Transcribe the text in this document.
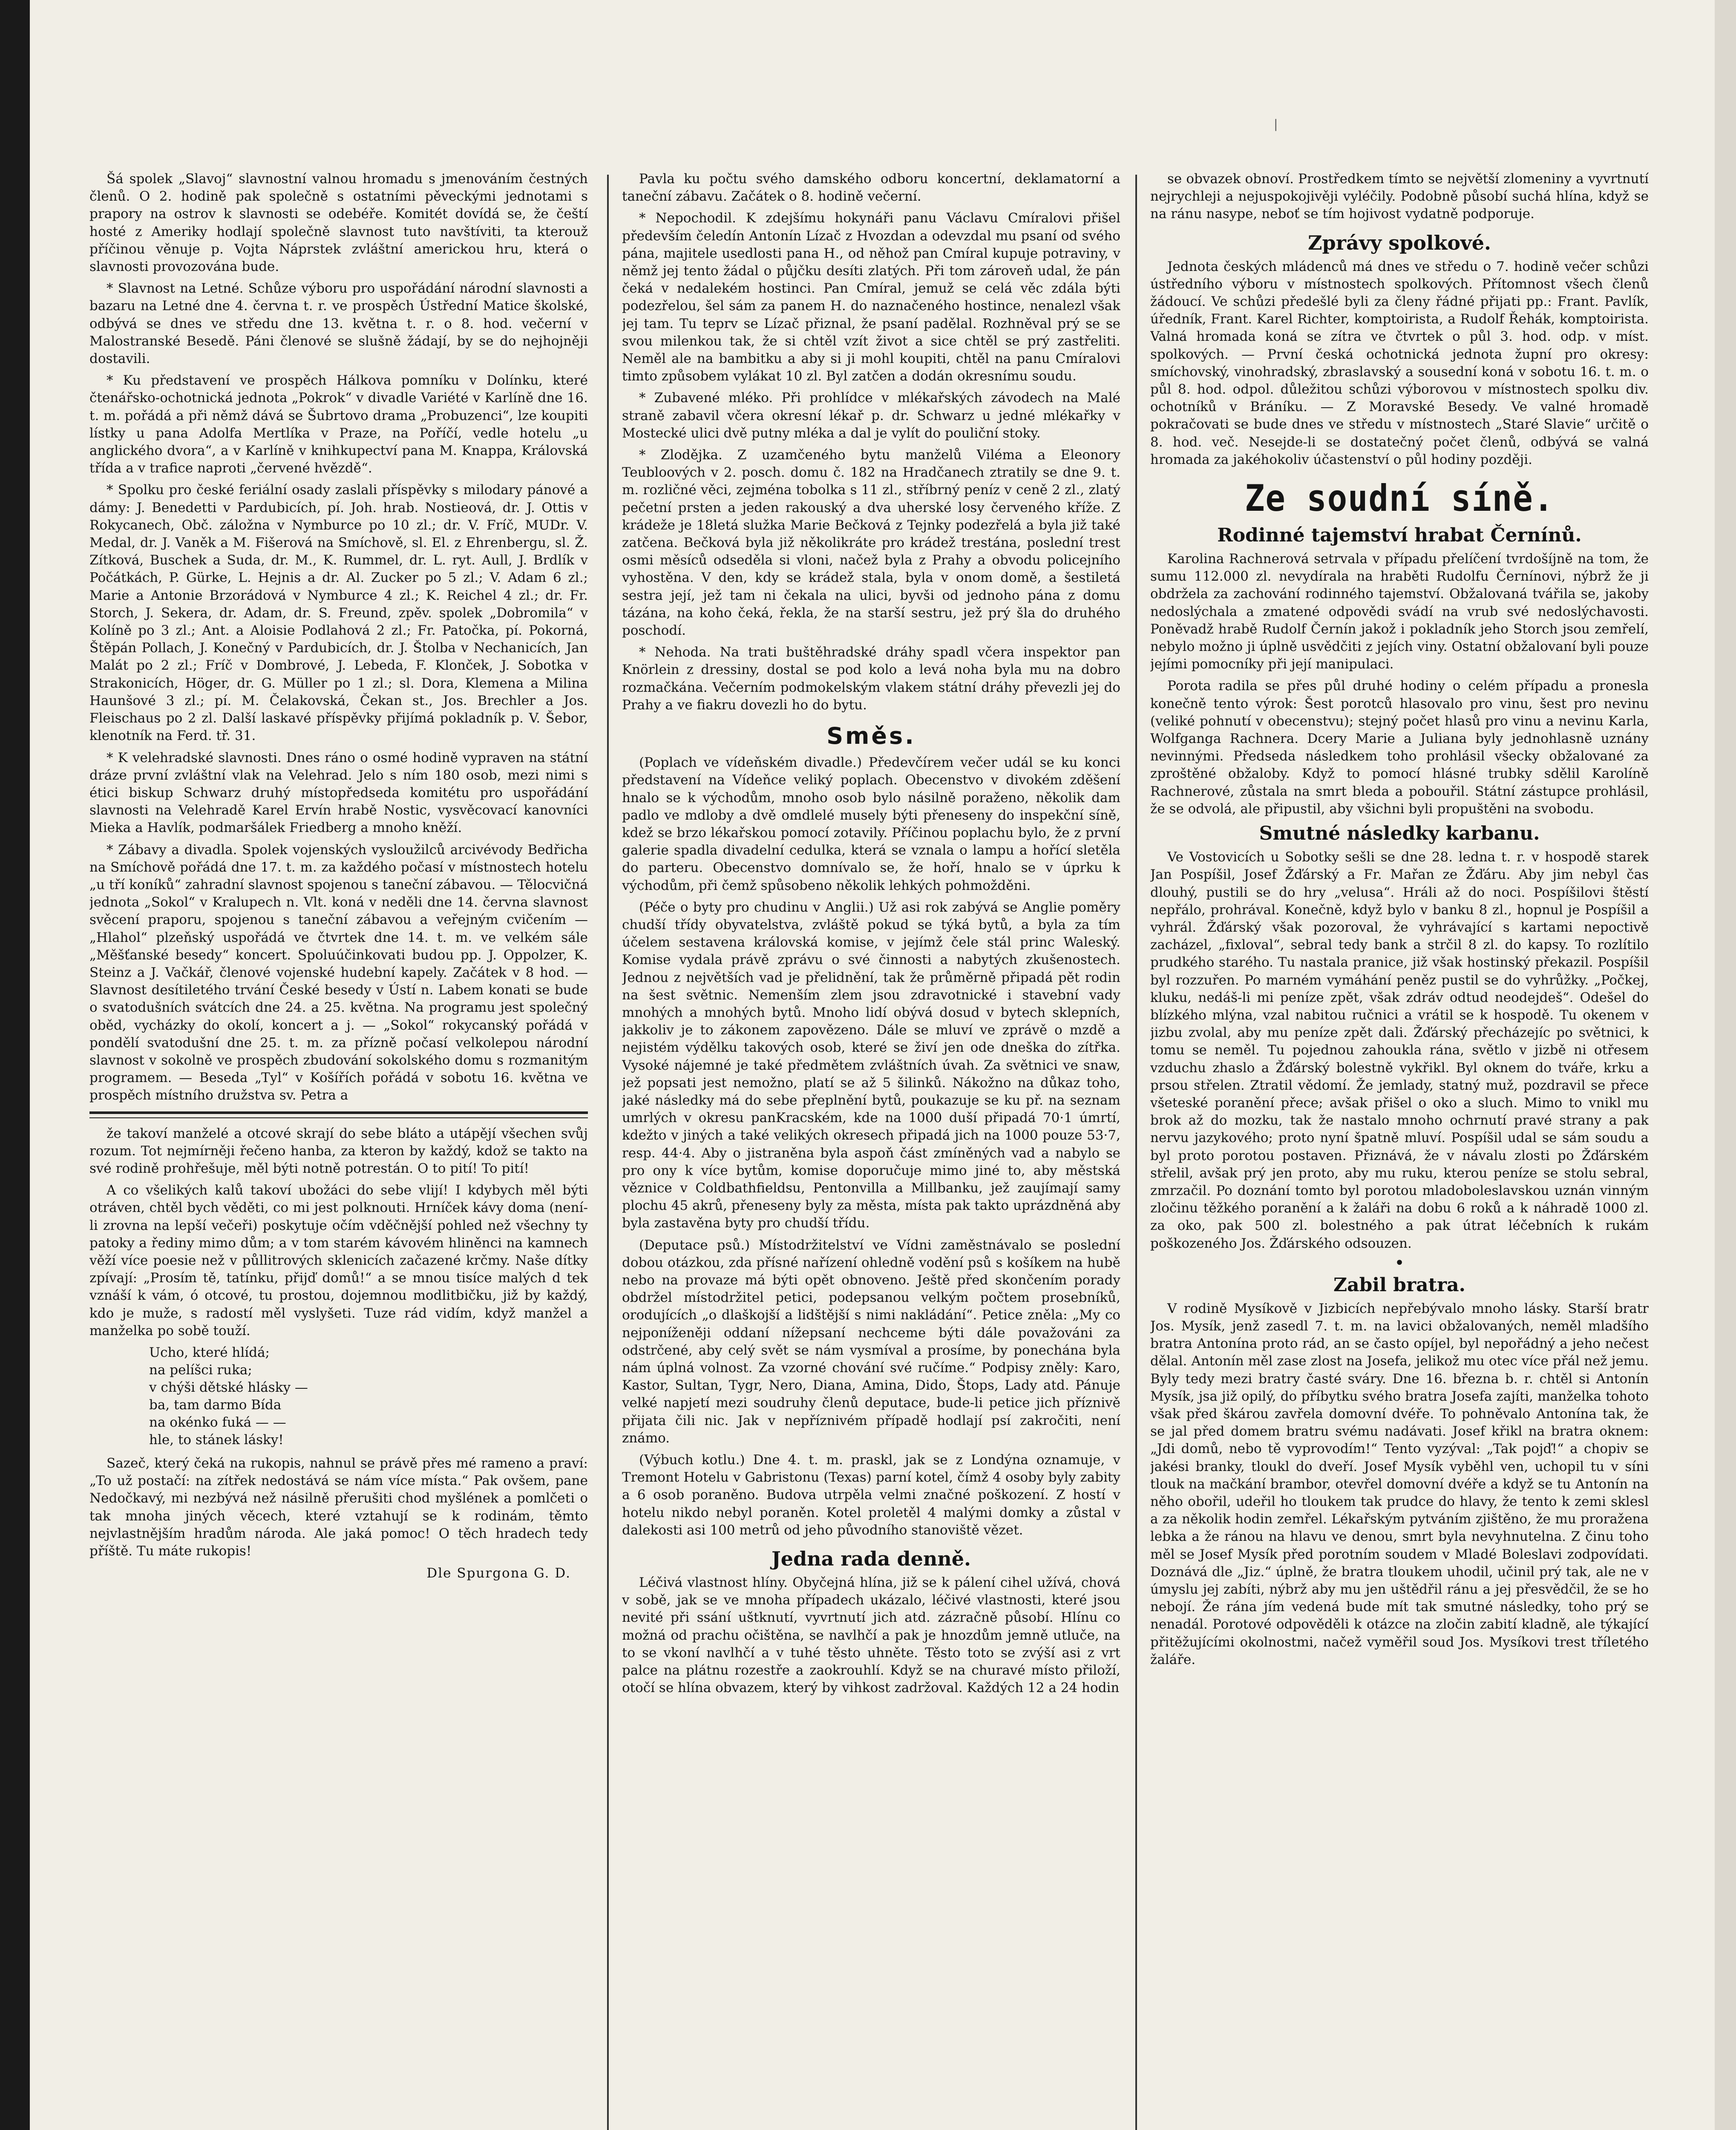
|

Šá spolek „Slavoj“ slavnostní valnou hromadu s jmenováním čestných členů. O 2. hodině pak společně s ostatními pěveckými jednotami s prapory na ostrov k slavnosti se odebéře. Komitét dovídá se, že čeští hosté z Ameriky hodlají společně slavnost tuto navštíviti, ta kterouž příčinou věnuje p. Vojta Náprstek zvláštní americkou hru, která o slavnosti provozována bude.

* Slavnost na Letné. Schůze výboru pro uspořádání národní slavnosti a bazaru na Letné dne 4. června t. r. ve prospěch Ústřední Matice školské, odbývá se dnes ve středu dne 13. května t. r. o 8. hod. večerní v Malostranské Besedě. Páni členové se slušně žádají, by se do nejhojněji dostavili.

* Ku představení ve prospěch Hálkova pomníku v Dolínku, které čtenářsko-ochotnická jednota „Pokrok“ v divadle Variété v Karlíně dne 16. t. m. pořádá a při němž dává se Šubrtovo drama „Probuzenci“, lze koupiti lístky u pana Adolfa Mertlíka v Praze, na Poříčí, vedle hotelu „u anglického dvora“, a v Karlíně v knihkupectví pana M. Knappa, Královská třída a v trafice naproti „červené hvězdě“.

* Spolku pro české feriální osady zaslali příspěvky s milodary pánové a dámy: J. Benedetti v Pardubicích, pí. Joh. hrab. Nostieová, dr. J. Ottis v Rokycanech, Obč. záložna v Nymburce po 10 zl.; dr. V. Fríč, MUDr. V. Medal, dr. J. Vaněk a M. Fišerová na Smíchově, sl. El. z Ehrenbergu, sl. Ž. Zítková, Buschek a Suda, dr. M., K. Rummel, dr. L. ryt. Aull, J. Brdlík v Počátkách, P. Gürke, L. Hejnis a dr. Al. Zucker po 5 zl.; V. Adam 6 zl.; Marie a Antonie Brzorádová v Nymburce 4 zl.; K. Reichel 4 zl.; dr. Fr. Storch, J. Sekera, dr. Adam, dr. S. Freund, zpěv. spolek „Dobromila“ v Kolíně po 3 zl.; Ant. a Aloisie Podlahová 2 zl.; Fr. Patočka, pí. Pokorná, Štěpán Pollach, J. Konečný v Pardubicích, dr. J. Štolba v Nechanicích, Jan Malát po 2 zl.; Fríč v Dombrové, J. Lebeda, F. Klonček, J. Sobotka v Strakonicích, Höger, dr. G. Müller po 1 zl.; sl. Dora, Klemena a Milina Haunšové 3 zl.; pí. M. Čelakovská, Čekan st., Jos. Brechler a Jos. Fleischaus po 2 zl. Další laskavé příspěvky přijímá pokladník p. V. Šebor, klenotník na Ferd. tř. 31.

* K velehradské slavnosti. Dnes ráno o osmé hodině vypraven na státní dráze první zvláštní vlak na Velehrad. Jelo s ním 180 osob, mezi nimi s étici biskup Schwarz druhý místopředseda komitétu pro uspořádání slavnosti na Velehradě Karel Ervín hrabě Nostic, vysvěcovací kanovníci Mieka a Havlík, podmaršálek Friedberg a mnoho kněží.

* Zábavy a divadla. Spolek vojenských vysloužilců arcivévody Bedřicha na Smíchově pořádá dne 17. t. m. za každého počasí v místnostech hotelu „u tří koníků“ zahradní slavnost spojenou s taneční zábavou. — Tělocvičná jednota „Sokol“ v Kralupech n. Vlt. koná v neděli dne 14. června slavnost svěcení praporu, spojenou s taneční zábavou a veřejným cvičením — „Hlahol“ plzeňský uspořádá ve čtvrtek dne 14. t. m. ve velkém sále „Měšťanské besedy“ koncert. Spoluúčinkovati budou pp. J. Oppolzer, K. Steinz a J. Vačkář, členové vojenské hudební kapely. Začátek v 8 hod. — Slavnost desítiletého trvání České besedy v Ústí n. Labem konati se bude o svatodušních svátcích dne 24. a 25. května. Na programu jest společný oběd, vycházky do okolí, koncert a j. — „Sokol“ rokycanský pořádá v pondělí svatodušní dne 25. t. m. za přízně počasí velkolepou národní slavnost v sokolně ve prospěch zbudování sokolského domu s rozmanitým programem. — Beseda „Tyl“ v Košířích pořádá v sobotu 16. května ve prospěch místního družstva sv. Petra a

že takoví manželé a otcové skrají do sebe bláto a utápějí všechen svůj rozum. Tot nejmírněji řečeno hanba, za kteron by každý, kdož se takto na své rodině prohřešuje, měl býti notně potrestán. O to pití! To pití!

A co všelikých kalů takoví ubožáci do sebe vlijí! I kdybych měl býti otráven, chtěl bych věděti, co mi jest polknouti. Hrníček kávy doma (není-li zrovna na lepší večeři) poskytuje očím vděčnější pohled než všechny ty patoky a řediny mimo dům; a v tom starém kávovém hliněnci na kamnech věží více poesie než v půllitrových sklenicích začazené krčmy. Naše dítky zpívají: „Prosím tě, tatínku, přijď domů!“ a se mnou tisíce malých d tek vznáší k vám, ó otcové, tu prostou, dojemnou modlitbičku, již by každý, kdo je muže, s radostí měl vyslyšeti. Tuze rád vidím, když manžel a manželka po sobě touží.

Ucho, které hlídá;
na pelíšci ruka;
v chýši dětské hlásky —
ba, tam darmo Bída
na okénko fuká — —
hle, to stánek lásky!

Sazeč, který čeká na rukopis, nahnul se právě přes mé rameno a praví: „To už postačí: na zítřek nedostává se nám více místa.“ Pak ovšem, pane Nedočkavý, mi nezbývá než násilně přerušiti chod myšlének a pomlčeti o tak mnoha jiných věcech, které vztahují se k rodinám, těmto nejvlastnějším hradům národa. Ale jaká pomoc! O těch hradech tedy příště. Tu máte rukopis!

Dle Spurgona G. D.

Pavla ku počtu svého damského odboru koncertní, deklamatorní a taneční zábavu. Začátek o 8. hodině večerní.

* Nepochodil. K zdejšímu hokynáři panu Václavu Cmíralovi přišel především čeledín Antonín Lízač z Hvozdan a odevzdal mu psaní od svého pána, majitele usedlosti pana H., od něhož pan Cmíral kupuje potraviny, v němž jej tento žádal o půjčku desíti zlatých. Při tom zároveň udal, že pán čeká v nedalekém hostinci. Pan Cmíral, jemuž se celá věc zdála býti podezřelou, šel sám za panem H. do naznačeného hostince, nenalezl však jej tam. Tu teprv se Lízač přiznal, že psaní padělal. Rozhněval prý se se svou milenkou tak, že si chtěl vzít život a sice chtěl se prý zastřeliti. Neměl ale na bambitku a aby si ji mohl koupiti, chtěl na panu Cmíralovi timto způsobem vylákat 10 zl. Byl zatčen a dodán okresnímu soudu.

* Zubavené mléko. Při prohlídce v mlékařských závodech na Malé straně zabavil včera okresní lékař p. dr. Schwarz u jedné mlékařky v Mostecké ulici dvě putny mléka a dal je vylít do pouliční stoky.

* Zlodějka. Z uzamčeného bytu manželů Viléma a Eleonory Teubloových v 2. posch. domu č. 182 na Hradčanech ztratily se dne 9. t. m. rozličné věci, zejména tobolka s 11 zl., stříbrný peníz v ceně 2 zl., zlatý pečetní prsten a jeden rakouský a dva uherské losy červeného kříže. Z krádeže je 18letá služka Marie Bečková z Tejnky podezřelá a byla již také zatčena. Bečková byla již několikráte pro krádež trestána, poslední trest osmi měsíců odseděla si vloni, načež byla z Prahy a obvodu policejního vyhostěna. V den, kdy se krádež stala, byla v onom domě, a šestiletá sestra její, jež tam ni čekala na ulici, byvši od jednoho pána z domu tázána, na koho čeká, řekla, že na starší sestru, jež prý šla do druhého poschodí.

* Nehoda. Na trati buštěhradské dráhy spadl včera inspektor pan Knörlein z dressiny, dostal se pod kolo a levá noha byla mu na dobro rozmačkána. Večerním podmokelským vlakem státní dráhy převezli jej do Prahy a ve fiakru dovezli ho do bytu.

Směs.

(Poplach ve vídeňském divadle.) Předevčírem večer udál se ku konci představení na Vídeňce veliký poplach. Obecenstvo v divokém zděšení hnalo se k východům, mnoho osob bylo násilně poraženo, několik dam padlo ve mdloby a dvě omdlelé musely býti přeneseny do inspekční síně, kdež se brzo lékařskou pomocí zotavily. Příčinou poplachu bylo, že z první galerie spadla divadelní cedulka, která se vznala o lampu a hořící sletěla do parteru. Obecenstvo domnívalo se, že hoří, hnalo se v úprku k východům, při čemž spůsobeno několik lehkých pohmožděni.

(Péče o byty pro chudinu v Anglii.) Už asi rok zabývá se Anglie poměry chudší třídy obyvatelstva, zvláště pokud se týká bytů, a byla za tím účelem sestavena královská komise, v jejímž čele stál princ Waleský. Komise vydala právě zprávu o své činnosti a nabytých zkušenostech. Jednou z největších vad je přelidnění, tak že průměrně připadá pět rodin na šest světnic. Nemenším zlem jsou zdravotnické i stavební vady mnohých a mnohých bytů. Mnoho lidí obývá dosud v bytech sklepních, jakkoliv je to zákonem zapovězeno. Dále se mluví ve zprávě o mzdě a nejistém výdělku takových osob, které se živí jen ode dneška do zítřka. Vysoké nájemné je také předmětem zvláštních úvah. Za světnici ve snaw, jež popsati jest nemožno, platí se až 5 šilinků. Nákožno na důkaz toho, jaké následky má do sebe přeplnění bytů, poukazuje se ku př. na seznam umrlých v okresu panKracském, kde na 1000 duší připadá 70·1 úmrtí, kdežto v jiných a také velikých okresech připadá jich na 1000 pouze 53·7, resp. 44·4. Aby o jistraněna byla aspoň část zmíněných vad a nabylo se pro ony k více bytům, komise doporučuje mimo jiné to, aby městská věznice v Coldbathfieldsu, Pentonvilla a Millbanku, jež zaujímají samy plochu 45 akrů, přeneseny byly za města, místa pak takto uprázdněná aby byla zastavěna byty pro chudší třídu.

(Deputace psů.) Místodržitelství ve Vídni zaměstnávalo se poslední dobou otázkou, zda přísné nařízení ohledně vodění psů s košíkem na hubě nebo na provaze má býti opět obnoveno. Ještě před skončením porady obdržel místodržitel petici, podepsanou velkým počtem prosebníků, orodujících „o dlaškojší a lidštější s nimi nakládání“. Petice zněla: „My co nejponíženěji oddaní nížepsaní nechceme býti dále považováni za odstrčené, aby celý svět se nám vysmíval a prosíme, by ponechána byla nám úplná volnost. Za vzorné chování své ručíme.“ Podpisy zněly: Karo, Kastor, Sultan, Tygr, Nero, Diana, Amina, Dido, Štops, Lady atd. Pánuje velké napjetí mezi soudruhy členů deputace, bude-li petice jich příznivě přijata čili nic. Jak v nepříznivém případě hodlají psí zakročiti, není známo.

(Výbuch kotlu.) Dne 4. t. m. praskl, jak se z Londýna oznamuje, v Tremont Hotelu v Gabristonu (Texas) parní kotel, čímž 4 osoby byly zabity a 6 osob poraněno. Budova utrpěla velmi značné poškození. Z hostí v hotelu nikdo nebyl poraněn. Kotel proletěl 4 malými domky a zůstal v dalekosti asi 100 metrů od jeho původního stanoviště vězet.

Jedna rada denně.

Léčivá vlastnost hlíny. Obyčejná hlína, již se k pálení cihel užívá, chová v sobě, jak se ve mnoha případech ukázalo, léčivé vlastnosti, které jsou nevité při ssání uštknutí, vyvrtnutí jich atd. zázračně působí. Hlínu co možná od prachu očištěna, se navlhčí a pak je hnozdům jemně utluče, na to se vkoní navlhčí a v tuhé těsto uhněte. Těsto toto se zvýší asi z vrt palce na plátnu rozestře a zaokrouhlí. Když se na churavé místo přiloží, otočí se hlína obvazem, který by vihkost zadržoval. Každých 12 a 24 hodin

se obvazek obnoví. Prostředkem tímto se největší zlomeniny a vyvrtnutí nejrychleji a nejuspokojivěji vyléčily. Podobně působí suchá hlína, když se na ránu nasype, neboť se tím hojivost vydatně podporuje.

Zprávy spolkové.

Jednota českých mládenců má dnes ve středu o 7. hodině večer schůzi ústředního výboru v místnostech spolkových. Přítomnost všech členů žádoucí. Ve schůzi předešlé byli za členy řádné přijati pp.: Frant. Pavlík, úředník, Frant. Karel Richter, komptoirista, a Rudolf Řehák, komptoirista. Valná hromada koná se zítra ve čtvrtek o půl 3. hod. odp. v míst. spolkových. — První česká ochotnická jednota župní pro okresy: smíchovský, vinohradský, zbraslavský a sousední koná v sobotu 16. t. m. o půl 8. hod. odpol. důležitou schůzi výborovou v místnostech spolku div. ochotníků v Bráníku. — Z Moravské Besedy. Ve valné hromadě pokračovati se bude dnes ve středu v místnostech „Staré Slavie“ určitě o 8. hod. več. Nesejde-li se dostatečný počet členů, odbývá se valná hromada za jakéhokoliv účastenství o půl hodiny později.

Ze soudní síně.
Rodinné tajemství hrabat Černínů.

Karolina Rachnerová setrvala v případu přelíčení tvrdošíjně na tom, že sumu 112.000 zl. nevydírala na hraběti Rudolfu Černínovi, nýbrž že ji obdržela za zachování rodinného tajemství. Obžalovaná tvářila se, jakoby nedoslýchala a zmatené odpovědi svádí na vrub své nedoslýchavosti. Poněvadž hrabě Rudolf Černín jakož i pokladník jeho Storch jsou zemřelí, nebylo možno ji úplně usvědčiti z jejích viny. Ostatní obžalovaní byli pouze jejími pomocníky při její manipulaci.

Porota radila se přes půl druhé hodiny o celém případu a pronesla konečně tento výrok: Šest porotců hlasovalo pro vinu, šest pro nevinu (veliké pohnutí v obecenstvu); stejný počet hlasů pro vinu a nevinu Karla, Wolfganga Rachnera. Dcery Marie a Juliana byly jednohlasně uznány nevinnými. Předseda následkem toho prohlásil všecky obžalované za zproštěné obžaloby. Když to pomocí hlásné trubky sdělil Karolíně Rachnerové, zůstala na smrt bleda a pobouřil. Státní zástupce prohlásil, že se odvolá, ale připustil, aby všichni byli propuštěni na svobodu.

Smutné následky karbanu.

Ve Vostovicích u Sobotky sešli se dne 28. ledna t. r. v hospodě starek Jan Pospíšil, Josef Žďárský a Fr. Mařan ze Žďáru. Aby jim nebyl čas dlouhý, pustili se do hry „velusa“. Hráli až do noci. Pospíšilovi štěstí nepřálo, prohrával. Konečně, když bylo v banku 8 zl., hopnul je Pospíšil a vyhrál. Žďárský však pozoroval, že vyhrávající s kartami nepoctivě zacházel, „fixloval“, sebral tedy bank a strčil 8 zl. do kapsy. To rozlítilo prudkého starého. Tu nastala pranice, již však hostinský překazil. Pospíšil byl rozzuřen. Po marném vymáhání peněz pustil se do vyhrůžky. „Počkej, kluku, nedáš-li mi peníze zpět, však zdráv odtud neodejdeš“. Odešel do blízkého mlýna, vzal nabitou ručnici a vrátil se k hospodě. Tu okenem v jizbu zvolal, aby mu peníze zpět dali. Žďárský přecházejíc po světnici, k tomu se neměl. Tu pojednou zahoukla rána, světlo v jizbě ni otřesem vzduchu zhaslo a Žďárský bolestně vykřikl. Byl oknem do tváře, krku a prsou střelen. Ztratil vědomí. Že jemlady, statný muž, pozdravil se přece všeteské poranění přece; avšak přišel o oko a sluch. Mimo to vnikl mu brok až do mozku, tak že nastalo mnoho ochrnutí pravé strany a pak nervu jazykového; proto nyní špatně mluví. Pospíšil udal se sám soudu a byl proto porotou postaven. Přiznává, že v návalu zlosti po Žďárském střelil, avšak prý jen proto, aby mu ruku, kterou peníze se stolu sebral, zmrzačil. Po doznání tomto byl porotou mladoboleslavskou uznán vinným zločinu těžkého poranění a k žaláři na dobu 6 roků a k náhradě 1000 zl. za oko, pak 500 zl. bolestného a pak útrat léčebních k rukám poškozeného Jos. Žďárského odsouzen.

•
Zabil bratra.

V rodině Mysíkově v Jizbicích nepřebývalo mnoho lásky. Starší bratr Jos. Mysík, jenž zasedl 7. t. m. na lavici obžalovaných, neměl mladšího bratra Antonína proto rád, an se často opíjel, byl nepořádný a jeho nečest dělal. Antonín měl zase zlost na Josefa, jelikož mu otec více přál než jemu. Byly tedy mezi bratry časté sváry. Dne 16. března b. r. chtěl si Antonín Mysík, jsa již opilý, do příbytku svého bratra Josefa zajíti, manželka tohoto však před škárou zavřela domovní dvéře. To pohněvalo Antonína tak, že se jal před domem bratru svému nadávati. Josef křikl na bratra oknem: „Jdi domů, nebo tě vyprovodím!“ Tento vyzýval: „Tak pojď!“ a chopiv se jakési branky, tloukl do dveří. Josef Mysík vyběhl ven, uchopil tu v síni tlouk na mačkání brambor, otevřel domovní dvéře a když se tu Antonín na něho obořil, udeřil ho tloukem tak prudce do hlavy, že tento k zemi sklesl a za několik hodin zemřel. Lékařským pytváním zjištěno, že mu proražena lebka a že ránou na hlavu ve denou, smrt byla nevyhnutelna. Z činu toho měl se Josef Mysík před porotním soudem v Mladé Boleslavi zodpovídati. Doznává dle „Jiz.“ úplně, že bratra tloukem uhodil, učinil prý tak, ale ne v úmyslu jej zabíti, nýbrž aby mu jen uštědřil ránu a jej přesvědčil, že se ho nebojí. Že rána jím vedená bude mít tak smutné následky, toho prý se nenadál. Porotové odpověděli k otázce na zločin zabití kladně, ale týkající přitěžujícími okolnostmi, načež vyměřil soud Jos. Mysíkovi trest tříletého žaláře.
